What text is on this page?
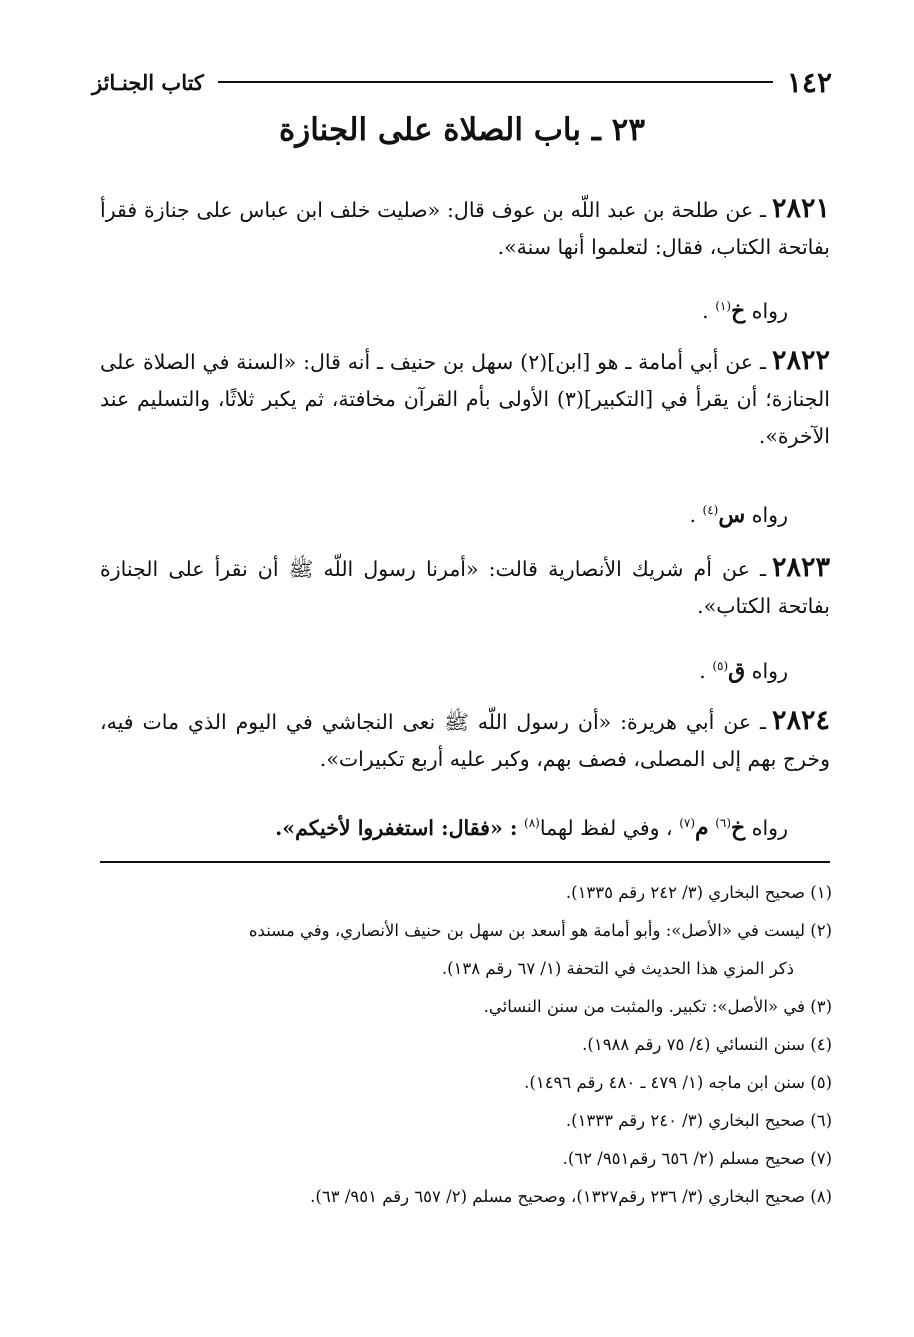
١٤٢
كتاب الجنـائز
٢٣ ـ باب الصلاة على الجنازة
٢٨٢١ـ عن طلحة بن عبد اللّه بن عوف قال: «صليت خلف ابن عباس على جنازة فقرأ بفاتحة الكتاب، فقال: لتعلموا أنها سنة».
رواه خ$^{(١)}$ .
٢٨٢٢ـ عن أبي أمامة ـ هو [ابن](٢) سهل بن حنيف ـ أنه قال: «السنة في الصلاة على الجنازة؛ أن يقرأ في [التكبير](٣) الأولى بأم القرآن مخافتة، ثم يكبر ثلاثًا، والتسليم عند الآخرة».
رواه س$^{(٤)}$ .
٢٨٢٣ـ عن أم شريك الأنصارية قالت: «أمرنا رسول اللّه ﷺ أن نقرأ على الجنازة بفاتحة الكتاب».
رواه ق$^{(٥)}$ .
٢٨٢٤ـ عن أبي هريرة: «أن رسول اللّه ﷺ نعى النجاشي في اليوم الذي مات فيه، وخرج بهم إلى المصلى، فصف بهم، وكبر عليه أربع تكبيرات».
رواه خ$^{(٦)}$ م$^{(٧)}$ ، وفي لفظ لهما$^{(٨)}$ : «فقال: استغفروا لأخيكم».
(١) صحيح البخاري (٣/ ٢٤٢ رقم ١٣٣٥).
(٢) ليست في «الأصل»: وأبو أمامة هو أسعد بن سهل بن حنيف الأنصاري، وفي مسنده
ذكر المزي هذا الحديث في التحفة (١/ ٦٧ رقم ١٣٨).
(٣) في «الأصل»: تكبير. والمثبت من سنن النسائي.
(٤) سنن النسائي (٤/ ٧٥ رقم ١٩٨٨).
(٥) سنن ابن ماجه (١/ ٤٧٩ ـ ٤٨٠ رقم ١٤٩٦).
(٦) صحيح البخاري (٣/ ٢٤٠ رقم ١٣٣٣).
(٧) صحيح مسلم (٢/ ٦٥٦ رقم٩٥١/ ٦٢).
(٨) صحيح البخاري (٣/ ٢٣٦ رقم١٣٢٧)، وصحيح مسلم (٢/ ٦٥٧ رقم ٩٥١/ ٦٣).
